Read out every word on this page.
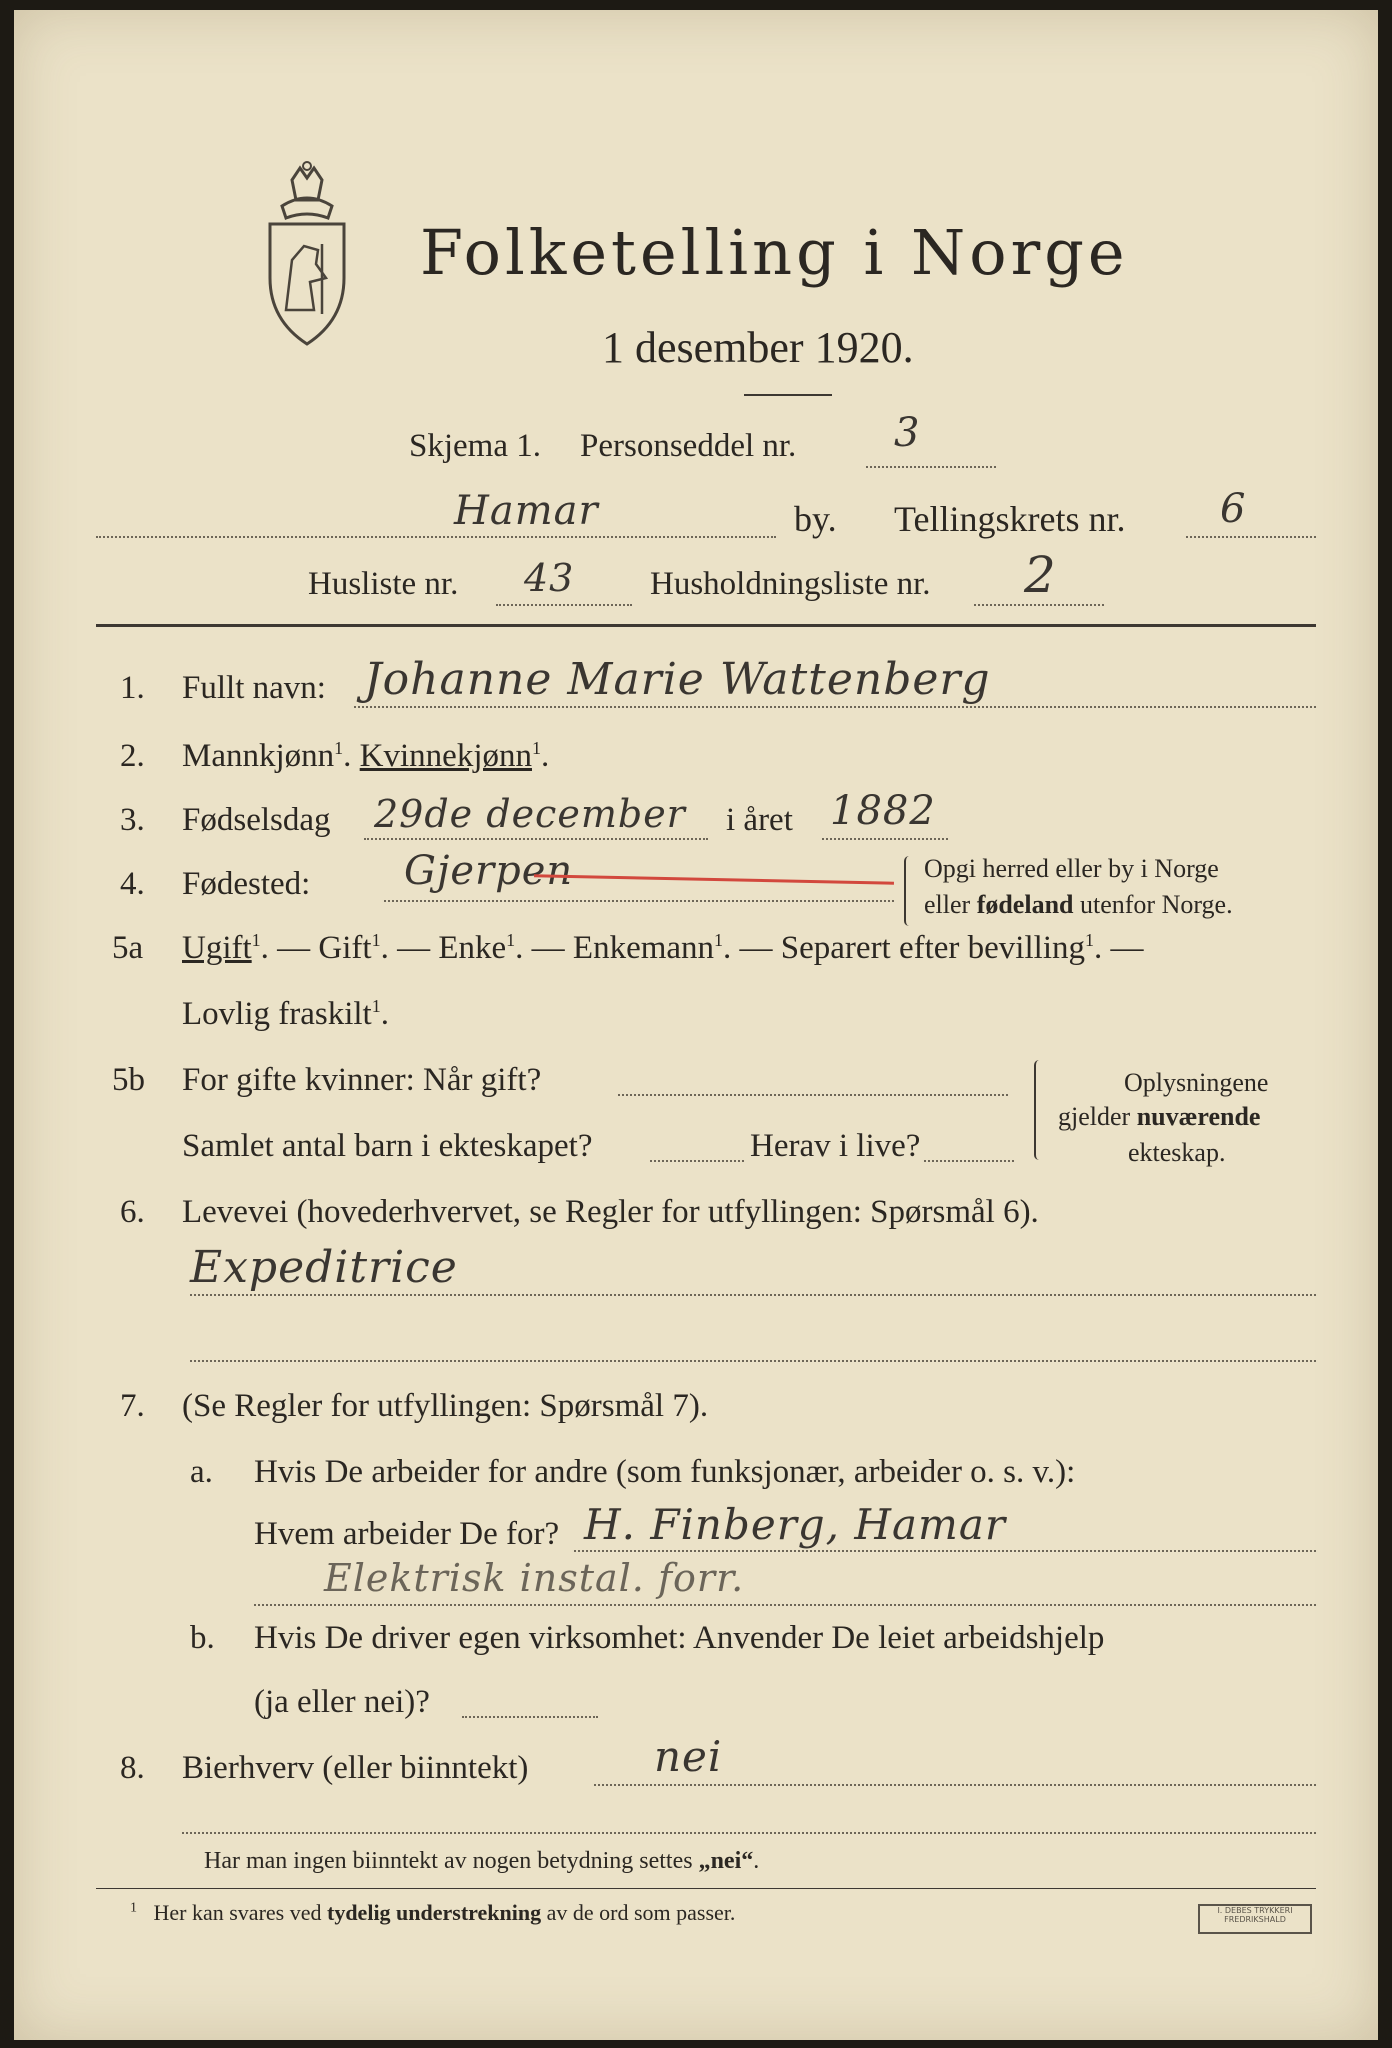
Folketelling i Norge
1 desember 1920.
Skjema 1. Personseddel nr. 3
Hamar	by. Tellingskrets nr. 6
Husliste nr. 43 Husholdningsliste nr. 2
1. Fullt navn: Johanne Marie Wattenberg
2. Mannkjønn$^1$. Kvinnekjønn$^1$.
3. Fødselsdag 29de december i året 1882
4. Fødested: Gjerpen	Opgi herred eller by i Norge
eller fødeland utenfor Norge.
5a Ugift$^1$. — Gift$^1$. — Enke$^1$. — Enkemann$^1$. — Separert efter bevilling$^1$. —
Lovlig fraskilt$^1$.
5b For gifte kvinner: Når gift?
Samlet antal barn i ekteskapet?	Herav i live?
Oplysningene
gjelder nuværende
ekteskap.
6. Levevei (hovederhvervet, se Regler for utfyllingen: Spørsmål 6).
Expeditrice
7. (Se Regler for utfyllingen: Spørsmål 7).
a. Hvis De arbeider for andre (som funksjonær, arbeider o. s. v.):
Hvem arbeider De for? H. Finberg, Hamar
Elektrisk instal. forr.
b. Hvis De driver egen virksomhet: Anvender De leiet arbeidshjelp
(ja eller nei)?
8. Bierhverv (eller biinntekt)	nei
Har man ingen biinntekt av nogen betydning settes „nei“.
$^1$ Her kan svares ved tydelig understrekning av de ord som passer.	I. DEBES TRYKKERI
FREDRIKSHALD
